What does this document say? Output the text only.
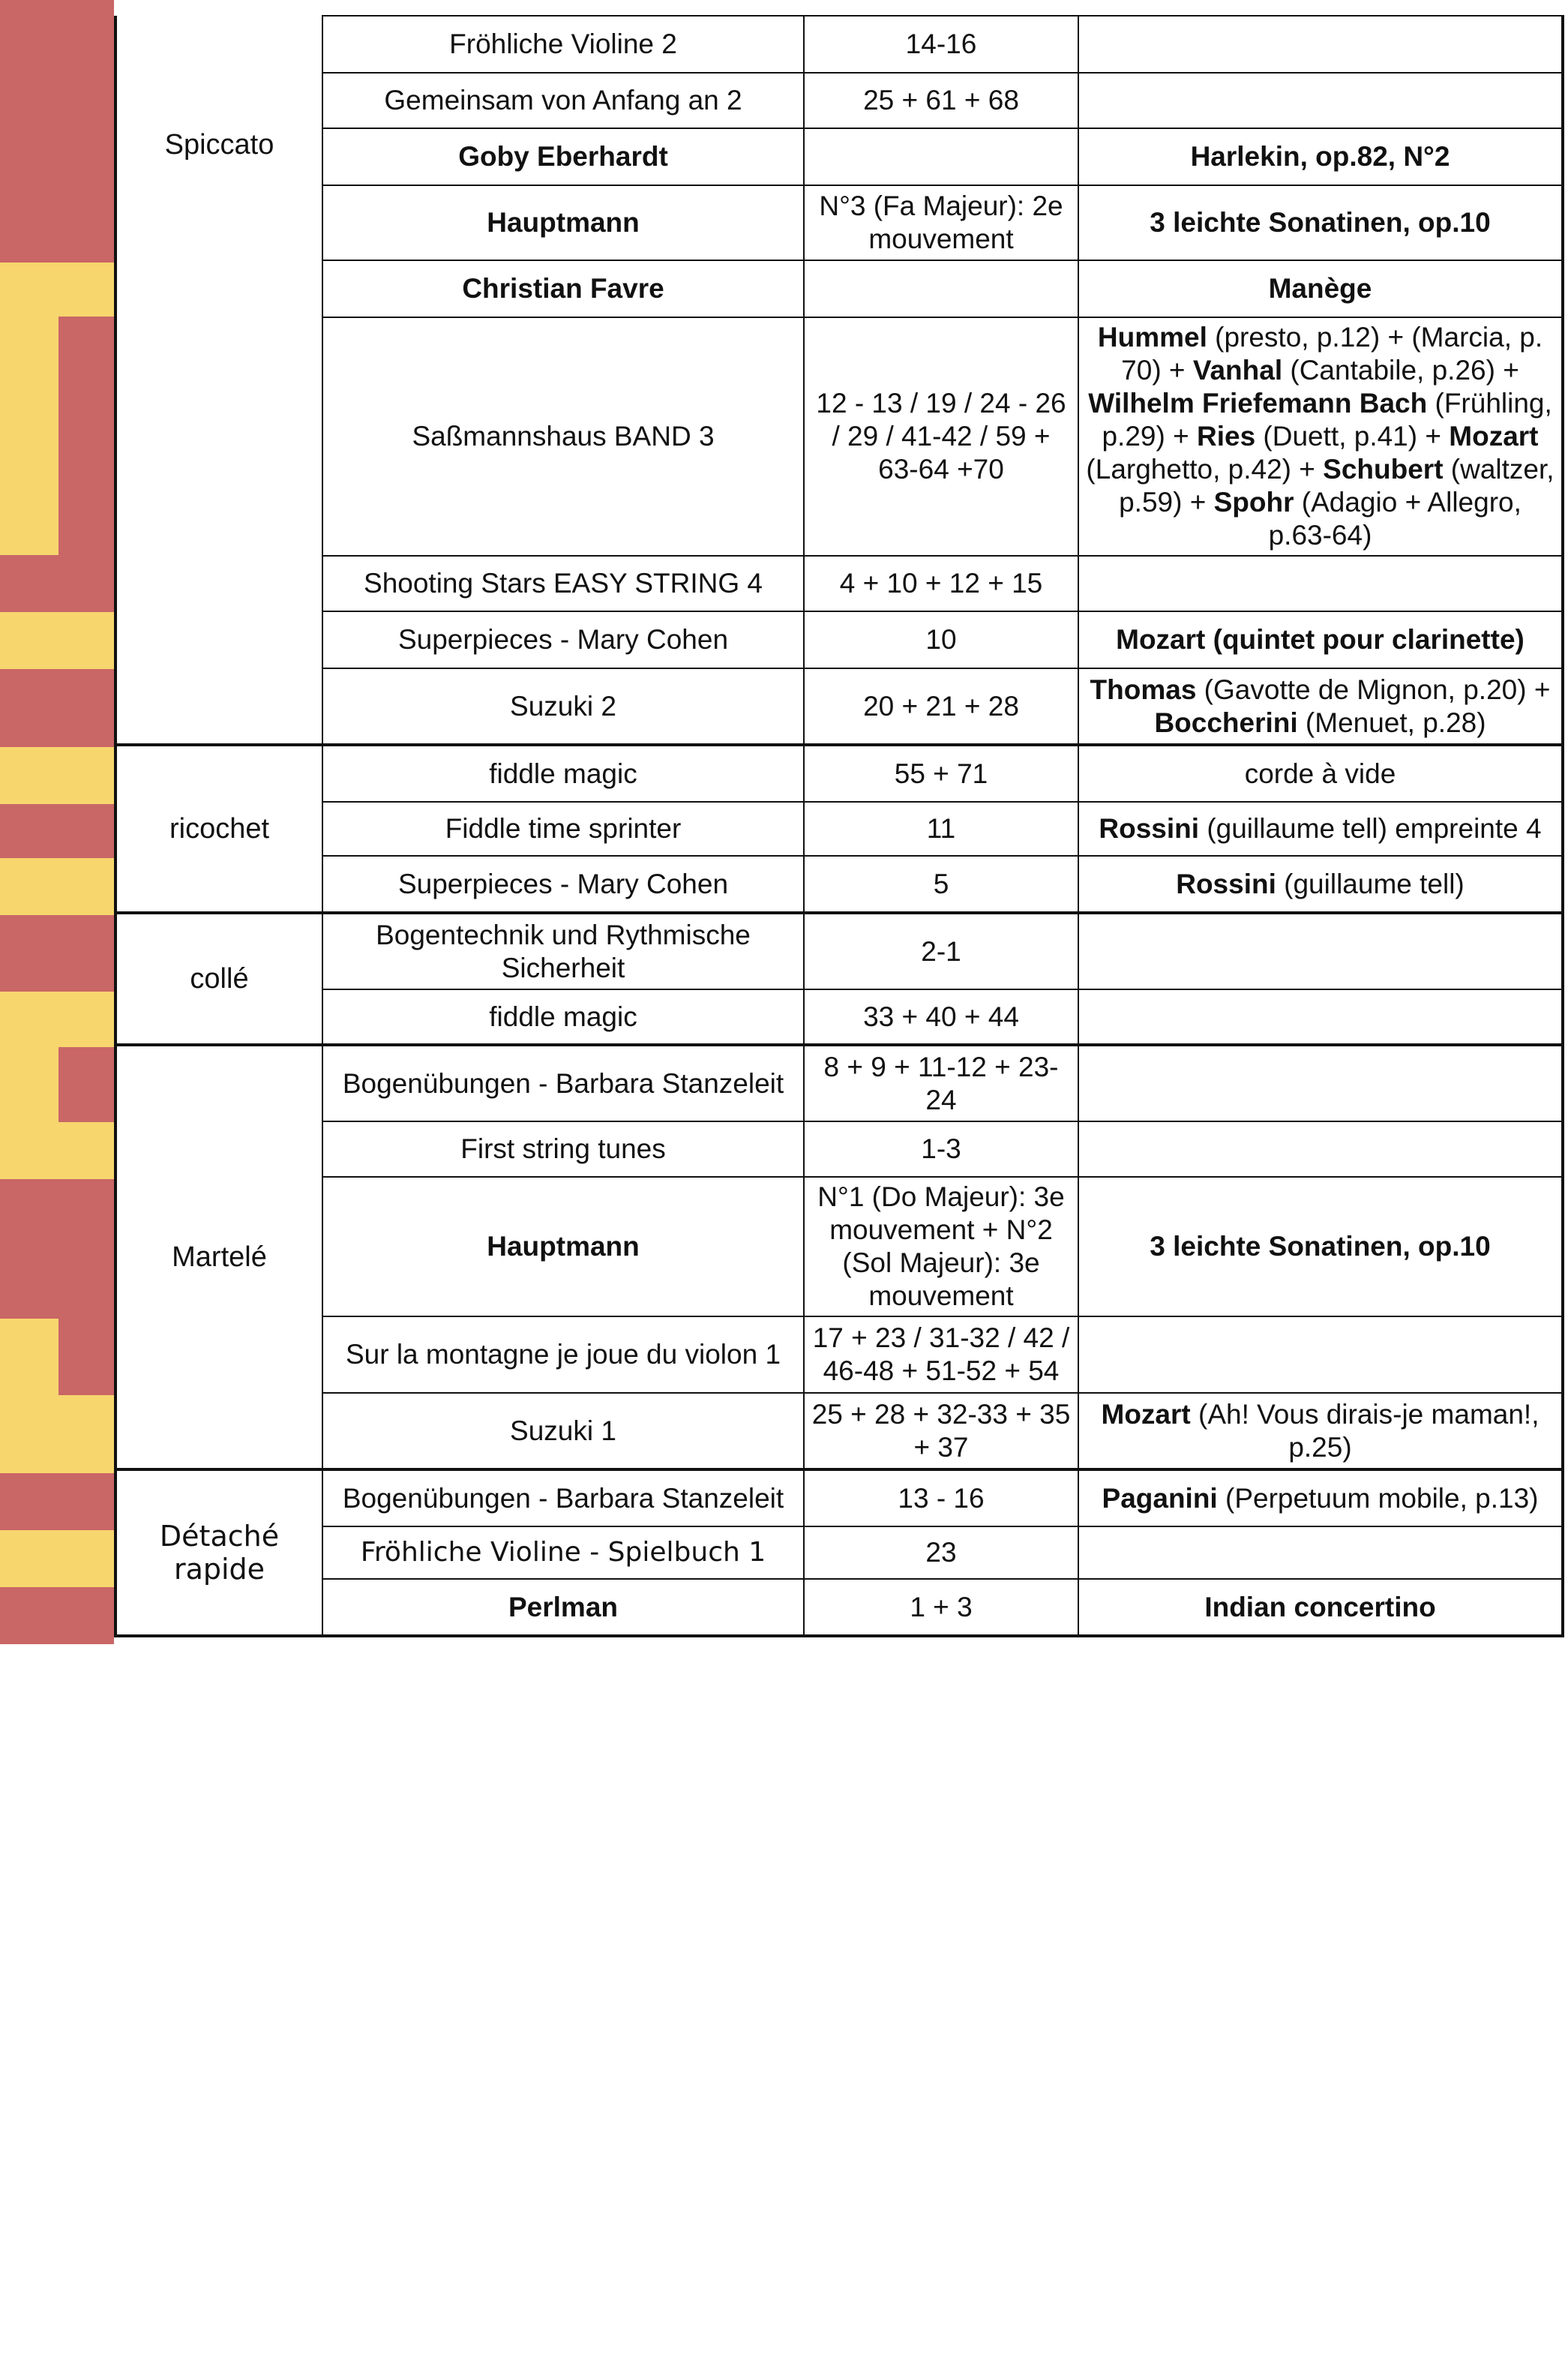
Spiccato	Fröhliche Violine 2	14-16	
	Gemeinsam von Anfang an 2	25 + 61 + 68	
	Goby Eberhardt		Harlekin, op.82, N°2
	Hauptmann	N°3 (Fa Majeur): 2e mouvement	3 leichte Sonatinen, op.10
	Christian Favre		Manège
	Saßmannshaus BAND 3	12 - 13 / 19 / 24 - 26 / 29 / 41-42 / 59 + 63-64 +70	Hummel (presto, p.12) + (Marcia, p. 70) + Vanhal (Cantabile, p.26) + Wilhelm Friefemann Bach (Frühling, p.29) + Ries (Duett, p.41) + Mozart (Larghetto, p.42) + Schubert (waltzer, p.59) + Spohr (Adagio + Allegro, p.63-64)
	Shooting Stars EASY STRING 4	4 + 10 + 12 + 15	
	Superpieces - Mary Cohen	10	Mozart (quintet pour clarinette)
	Suzuki 2	20 + 21 + 28	Thomas (Gavotte de Mignon, p.20) + Boccherini (Menuet, p.28)
ricochet	fiddle magic	55 + 71	corde à vide
	Fiddle time sprinter	11	Rossini (guillaume tell) empreinte 4
	Superpieces - Mary Cohen	5	Rossini (guillaume tell)
collé	Bogentechnik und Rythmische Sicherheit	2-1	
	fiddle magic	33 + 40 + 44	
Martelé	Bogenübungen - Barbara Stanzeleit	8 + 9 + 11-12 + 23-24	
	First string tunes	1-3	
	Hauptmann	N°1 (Do Majeur): 3e mouvement + N°2 (Sol Majeur): 3e mouvement	3 leichte Sonatinen, op.10
	Sur la montagne je joue du violon 1	17 + 23 / 31-32 / 42 / 46-48 + 51-52 + 54	
	Suzuki 1	25 + 28 + 32-33 + 35 + 37	Mozart (Ah! Vous dirais-je maman!, p.25)
Détaché rapide	Bogenübungen - Barbara Stanzeleit	13 - 16	Paganini (Perpetuum mobile, p.13)
	Fröhliche Violine - Spielbuch 1	23	
	Perlman	1 + 3	Indian concertino
